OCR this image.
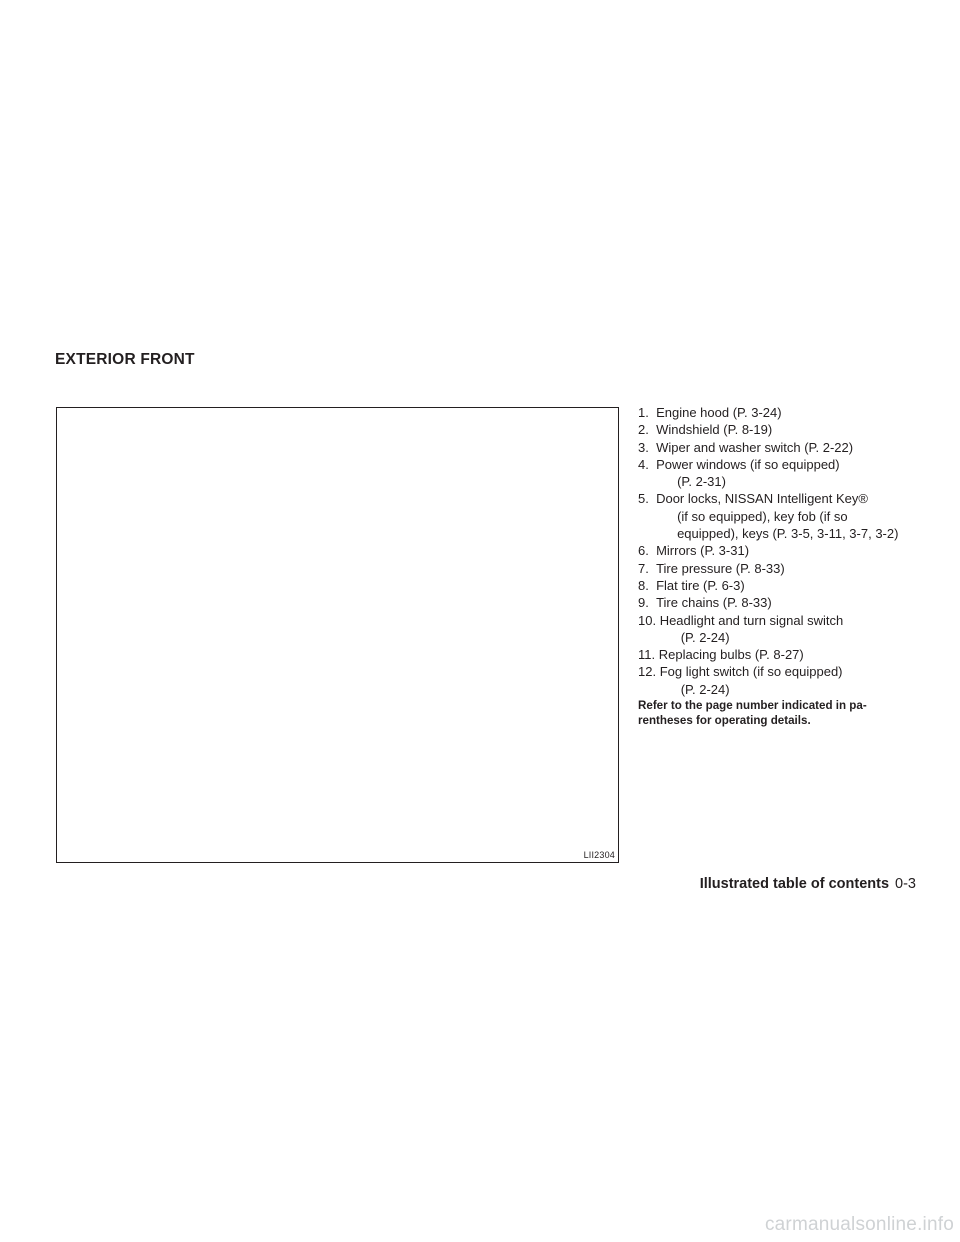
EXTERIOR FRONT
LII2304
1. Engine hood (P. 3-24)
2. Windshield (P. 8-19)
3. Wiper and washer switch (P. 2-22)
4. Power windows (if so equipped)
(P. 2-31)
5. Door locks, NISSAN Intelligent Key®
(if so equipped), key fob (if so
equipped), keys (P. 3-5, 3-11, 3-7, 3-2)
6. Mirrors (P. 3-31)
7. Tire pressure (P. 8-33)
8. Flat tire (P. 6-3)
9. Tire chains (P. 8-33)
10. Headlight and turn signal switch
(P. 2-24)
11. Replacing bulbs (P. 8-27)
12. Fog light switch (if so equipped)
(P. 2-24)

Refer to the page number indicated in pa-
rentheses for operating details.

Illustrated table of contents 0-3
carmanualsonline.info
